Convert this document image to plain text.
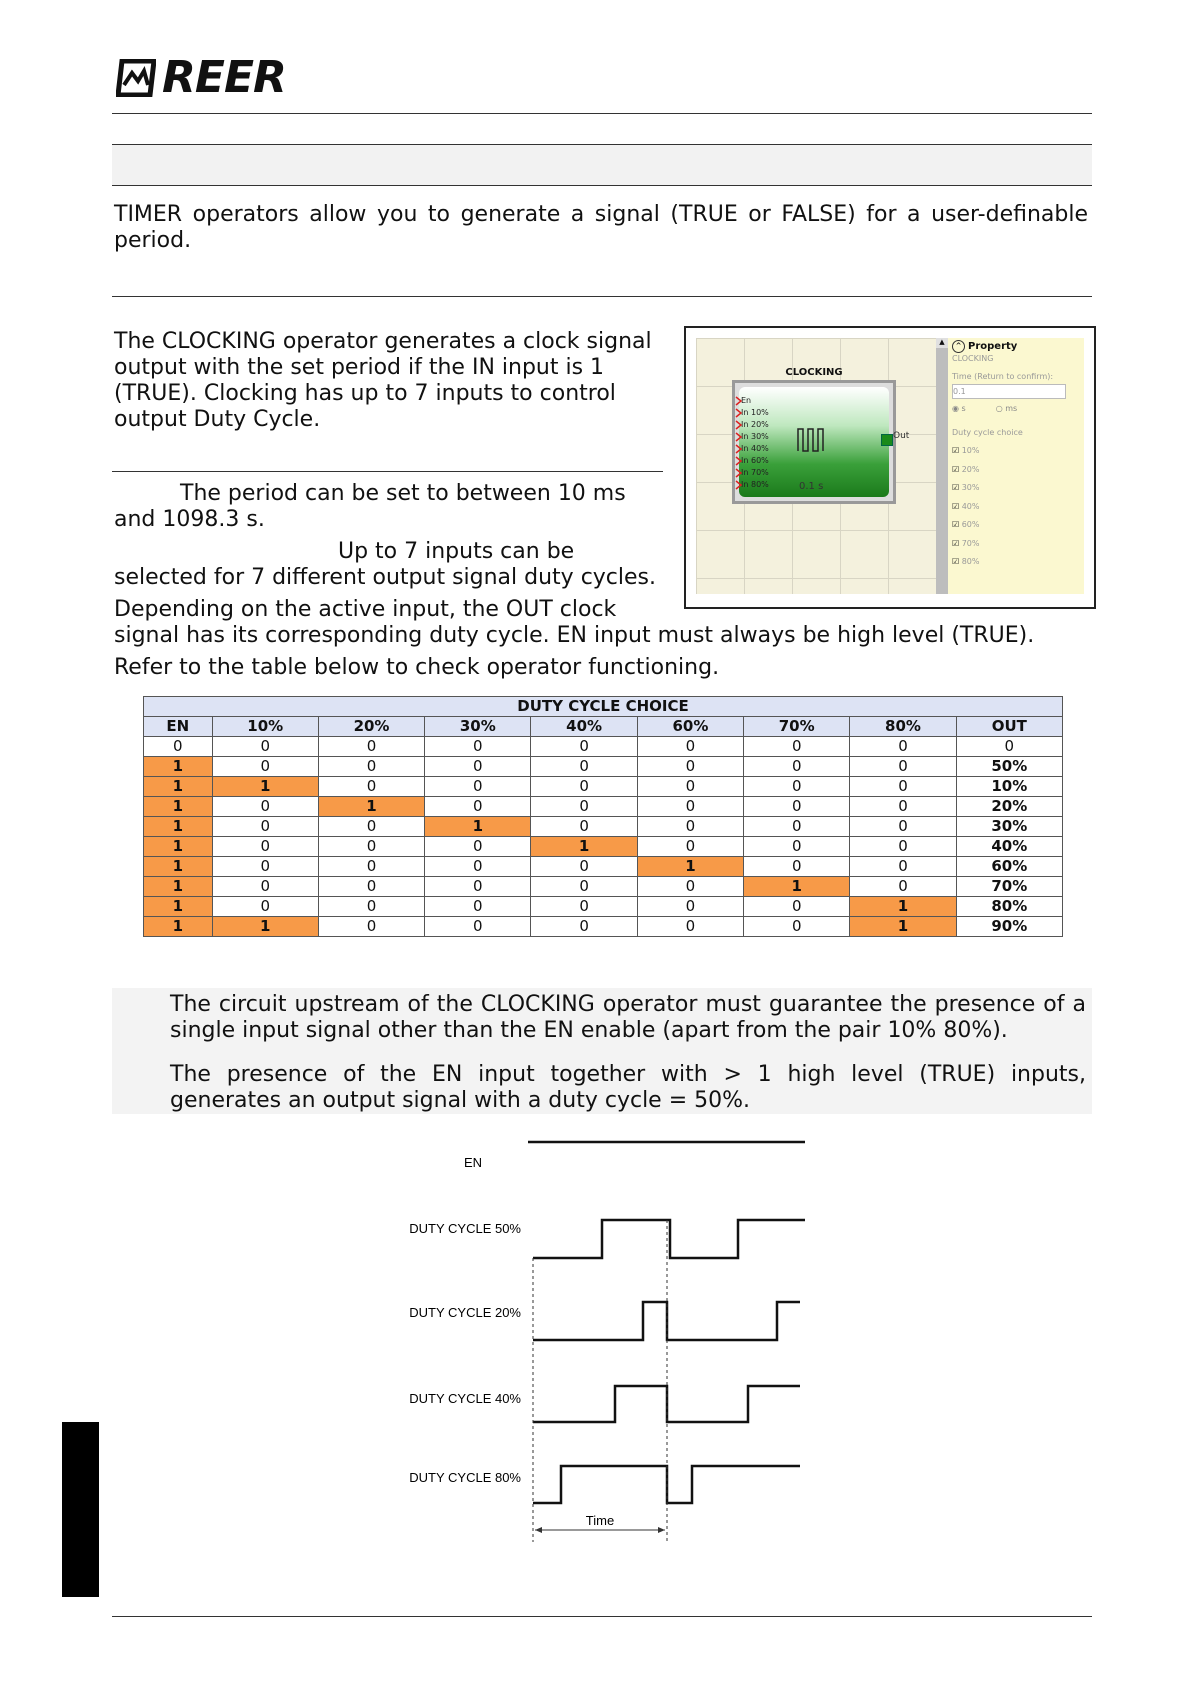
REER
TIMER operators allow you to generate a signal (TRUE or FALSE) for a user-definable period.
The CLOCKING operator generates a clock signal output with the set period if the IN input is 1 (TRUE). Clocking has up to 7 inputs to control output Duty Cycle.
The period can be set to between 10 ms and 1098.3 s.
Up to 7 inputs can be
selected for 7 different output signal duty cycles.
Depending on the active input, the OUT clock
signal has its corresponding duty cycle. EN input must always be high level (TRUE).
Refer to the table below to check operator functioning.
CLOCKING
En
In 10%
In 20%
In 30%
In 40%
In 60%
In 70%
In 80%
Out
0.1 s
▲	^ Property
CLOCKING
Time (Return to confirm):
0.1
◉ s	○ ms
Duty cycle choice
☑ 10%
☑ 20%
☑ 30%
☑ 40%
☑ 60%
☑ 70%
☑ 80%
DUTY CYCLE CHOICE								
EN	10%	20%	30%	40%	60%	70%	80%	OUT
0	0	0	0	0	0	0	0	0
1	0	0	0	0	0	0	0	50%
1	1	0	0	0	0	0	0	10%
1	0	1	0	0	0	0	0	20%
1	0	0	1	0	0	0	0	30%
1	0	0	0	1	0	0	0	40%
1	0	0	0	0	1	0	0	60%
1	0	0	0	0	0	1	0	70%
1	0	0	0	0	0	0	1	80%
1	1	0	0	0	0	0	1	90%
The circuit upstream of the CLOCKING operator must guarantee the presence of a single input signal other than the EN enable (apart from the pair 10% 80%).
The presence of the EN input together with > 1 high level (TRUE) inputs, generates an output signal with a duty cycle = 50%.
EN
DUTY CYCLE 50%
DUTY CYCLE 20%
DUTY CYCLE 40%
DUTY CYCLE 80%
Time
